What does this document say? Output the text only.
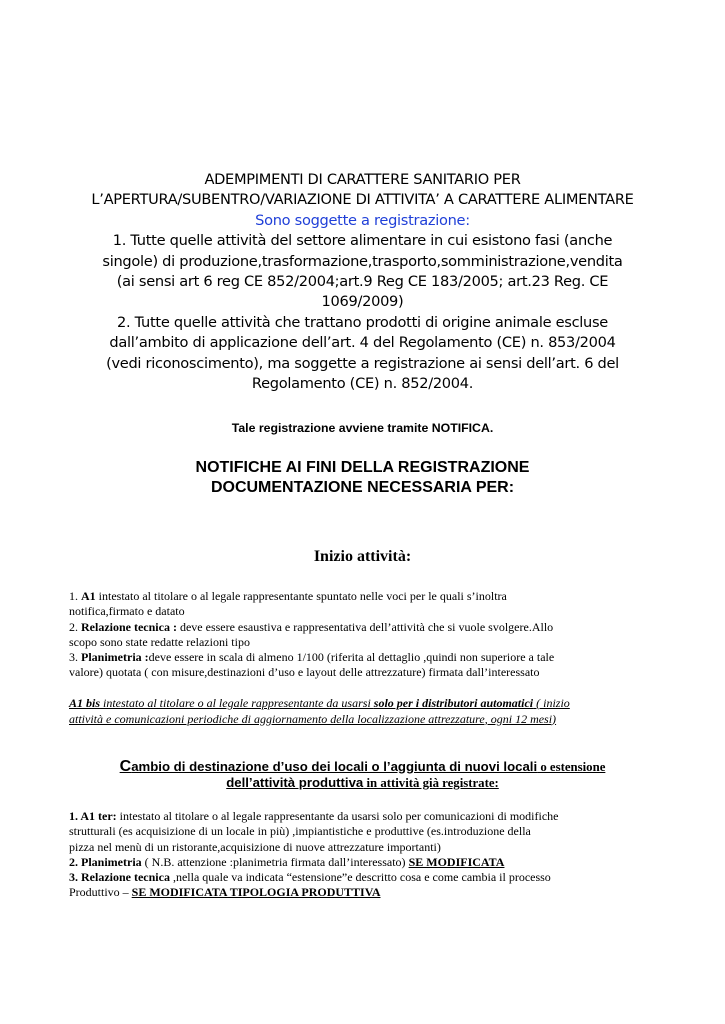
ADEMPIMENTI DI CARATTERE SANITARIO PER
L’APERTURA/SUBENTRO/VARIAZIONE DI ATTIVITA’ A CARATTERE ALIMENTARE
Sono soggette a registrazione:
1. Tutte quelle attività del settore alimentare in cui esistono fasi (anche
singole) di produzione,trasformazione,trasporto,somministrazione,vendita
(ai sensi art 6 reg CE 852/2004;art.9 Reg CE 183/2005; art.23 Reg. CE
1069/2009)
2. Tutte quelle attività che trattano prodotti di origine animale escluse
dall’ambito di applicazione dell’art. 4 del Regolamento (CE) n. 853/2004
(vedi riconoscimento), ma soggette a registrazione ai sensi dell’art. 6 del
Regolamento (CE) n. 852/2004.
Tale registrazione avviene tramite NOTIFICA.
NOTIFICHE AI FINI DELLA REGISTRAZIONE
DOCUMENTAZIONE NECESSARIA PER:
Inizio attività:
1. A1 intestato al titolare o al legale rappresentante spuntato nelle voci per le quali s’inoltra
notifica,firmato e datato
2. Relazione tecnica : deve essere esaustiva e rappresentativa dell’attività che si vuole svolgere.Allo
scopo sono state redatte relazioni tipo
3. Planimetria :deve essere in scala di almeno 1/100 (riferita al dettaglio ,quindi non superiore a tale
valore) quotata ( con misure,destinazioni d’uso e layout delle attrezzature) firmata dall’interessato
A1 bis intestato al titolare o al legale rappresentante da usarsi solo per i distributori automatici ( inizio
attività e comunicazioni periodiche di aggiornamento della localizzazione attrezzature, ogni 12 mesi)
Cambio di destinazione d’uso dei locali o l’aggiunta di nuovi locali o estensione
dell’attività produttiva in attività già registrate:
1. A1 ter: intestato al titolare o al legale rappresentante da usarsi solo per comunicazioni di modifiche
strutturali (es acquisizione di un locale in più) ,impiantistiche e produttive (es.introduzione della
pizza nel menù di un ristorante,acquisizione di nuove attrezzature importanti)
2. Planimetria ( N.B. attenzione :planimetria firmata dall’interessato) SE MODIFICATA
3. Relazione tecnica ,nella quale va indicata “estensione”e descritto cosa e come cambia il processo
Produttivo – SE MODIFICATA TIPOLOGIA PRODUTTIVA
